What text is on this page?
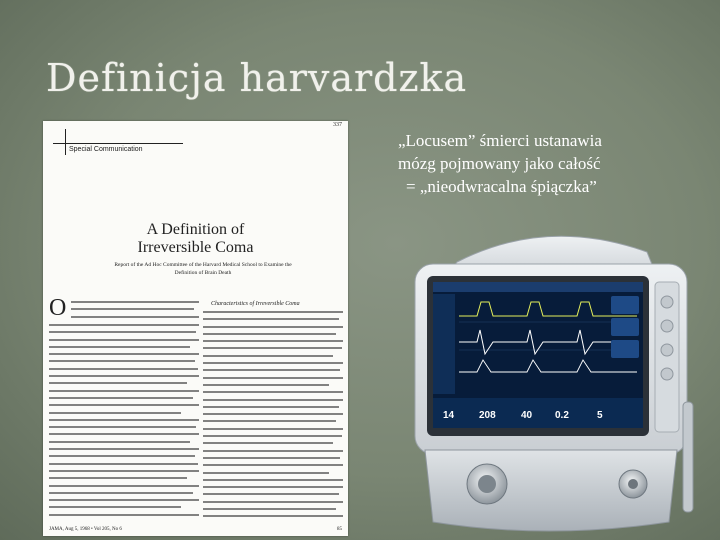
Definicja harvardzka
337
Special Communication
A Definition of
Irreversible Coma
Report of the Ad Hoc Committee of the Harvard Medical School to Examine the Definition of Brain Death
Characteristics of Irreversible Coma
O
JAMA, Aug 5, 1968 • Vol 205, No 6	85
„Locusem” śmierci ustanawia
mózg pojmowany jako całość
= „nieodwracalna śpiączka”
14 208	40 0.2	5
